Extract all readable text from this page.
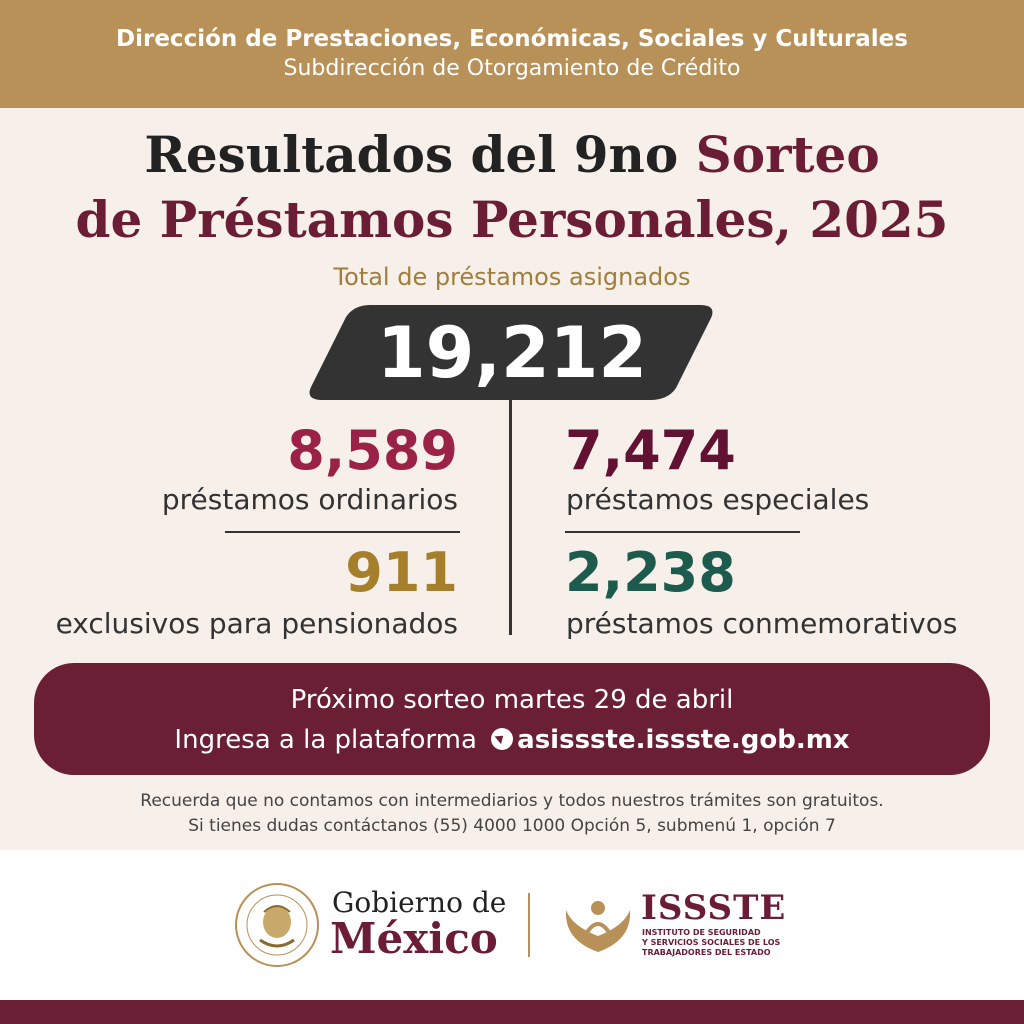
Dirección de Prestaciones, Económicas, Sociales y Culturales
Subdirección de Otorgamiento de Crédito
Resultados del 9no Sorteo
de Préstamos Personales, 2025
Total de préstamos asignados
19,212
8,589
préstamos ordinarios
911
exclusivos para pensionados
7,474
préstamos especiales
2,238
préstamos conmemorativos
Próximo sorteo martes 29 de abril
Ingresa a la plataforma asissste.issste.gob.mx
Recuerda que no contamos con intermediarios y todos nuestros trámites son gratuitos.
Si tienes dudas contáctanos (55) 4000 1000 Opción 5, submenú 1, opción 7
Gobierno de
México
ISSSTE
INSTITUTO DE SEGURIDAD
Y SERVICIOS SOCIALES DE LOS
TRABAJADORES DEL ESTADO
